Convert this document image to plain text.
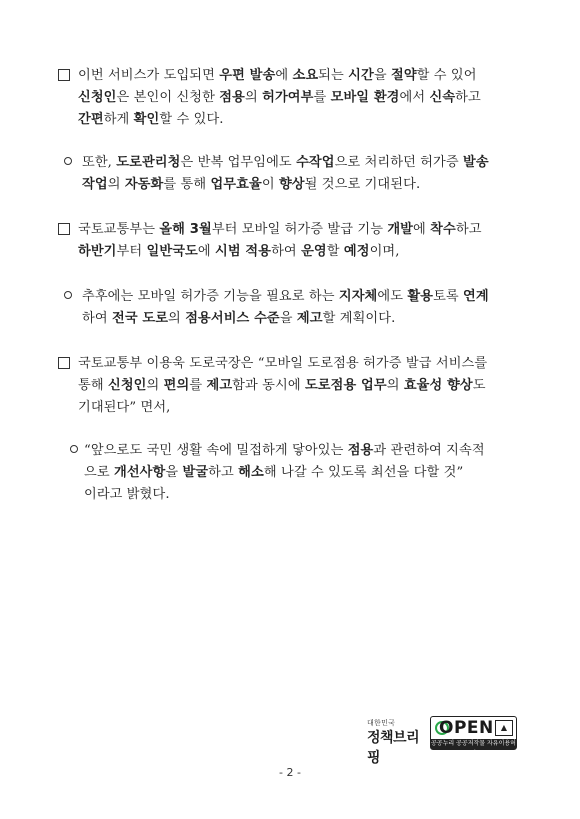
이번 서비스가 도입되면 우편 발송에 소요되는 시간을 절약할 수 있어
신청인은 본인이 신청한 점용의 허가여부를 모바일 환경에서 신속하고
간편하게 확인할 수 있다.
또한, 도로관리청은 반복 업무임에도 수작업으로 처리하던 허가증 발송
작업의 자동화를 통해 업무효율이 향상될 것으로 기대된다.
국토교통부는 올해 3월부터 모바일 허가증 발급 기능 개발에 착수하고
하반기부터 일반국도에 시범 적용하여 운영할 예정이며,
추후에는 모바일 허가증 기능을 필요로 하는 지자체에도 활용토록 연계
하여 전국 도로의 점용서비스 수준을 제고할 계획이다.
국토교통부 이용욱 도로국장은 “모바일 도로점용 허가증 발급 서비스를
통해 신청인의 편의를 제고함과 동시에 도로점용 업무의 효율성 향상도
기대된다” 면서,
“앞으로도 국민 생활 속에 밀접하게 닿아있는 점용과 관련하여 지속적
으로 개선사항을 발굴하고 해소해 나갈 수 있도록 최선을 다할 것”
이라고 밝혔다.
대한민국
정책브리핑
OPEN ▲
공공누리 공공저작물 자유이용허락
- 2 -
